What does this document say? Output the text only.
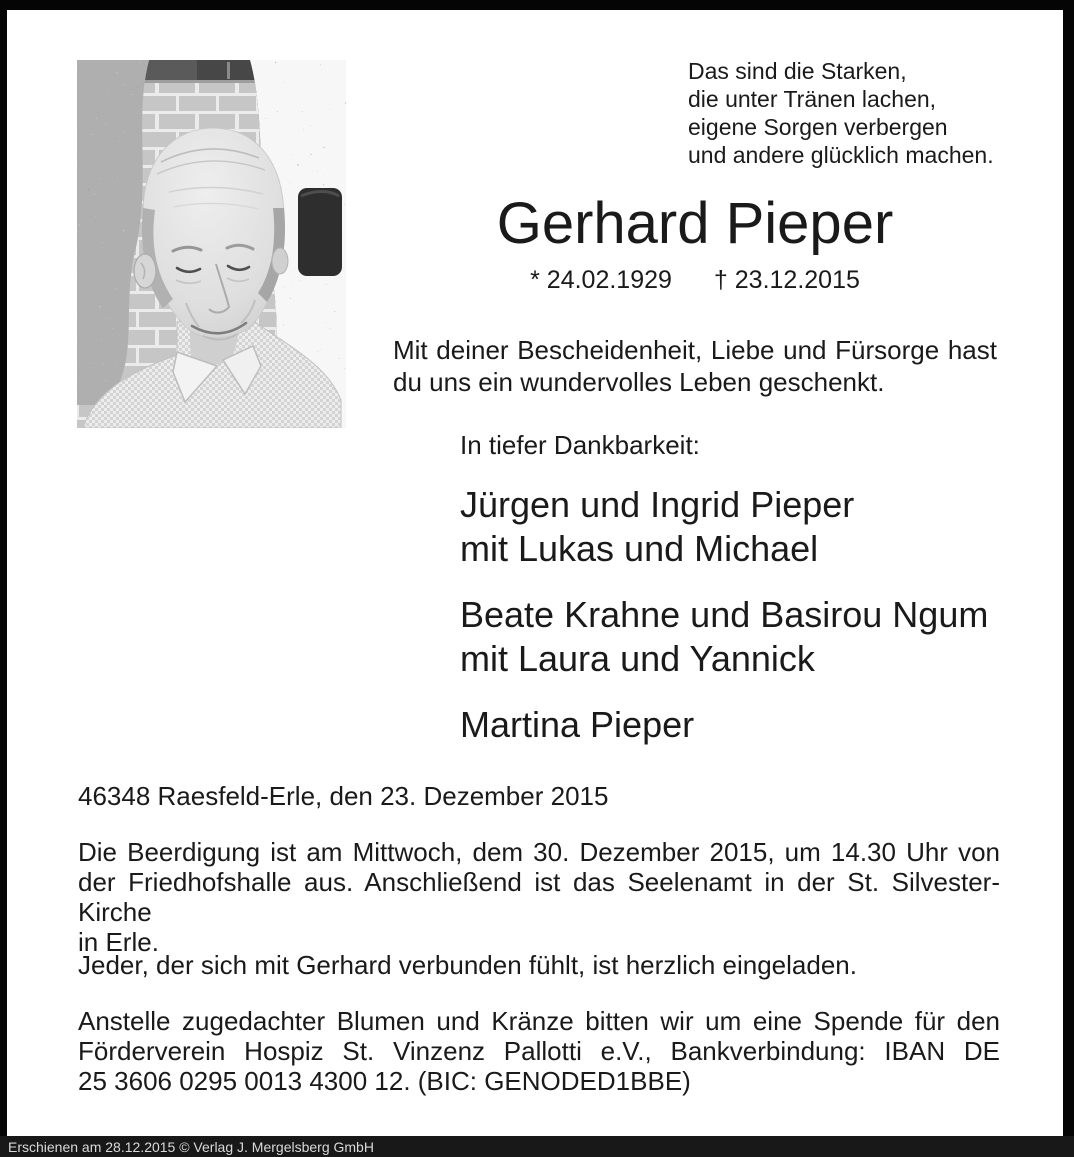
Das sind die Starken,
die unter Tränen lachen,
eigene Sorgen verbergen
und andere glücklich machen.
Gerhard Pieper
* 24.02.1929 † 23.12.2015
Mit deiner Bescheidenheit, Liebe und Fürsorge hast
du uns ein wundervolles Leben geschenkt.
In tiefer Dankbarkeit:
Jürgen und Ingrid Pieper
mit Lukas und Michael
Beate Krahne und Basirou Ngum
mit Laura und Yannick
Martina Pieper
46348 Raesfeld-Erle, den 23. Dezember 2015
Die Beerdigung ist am Mittwoch, dem 30. Dezember 2015, um 14.30 Uhr von
der Friedhofshalle aus. Anschließend ist das Seelenamt in der St. Silvester-Kirche
in Erle.
Jeder, der sich mit Gerhard verbunden fühlt, ist herzlich eingeladen.
Anstelle zugedachter Blumen und Kränze bitten wir um eine Spende für den
Förderverein Hospiz St. Vinzenz Pallotti e.V., Bankverbindung: IBAN DE
25 3606 0295 0013 4300 12. (BIC: GENODED1BBE)
Erschienen am 28.12.2015 © Verlag J. Mergelsberg GmbH
